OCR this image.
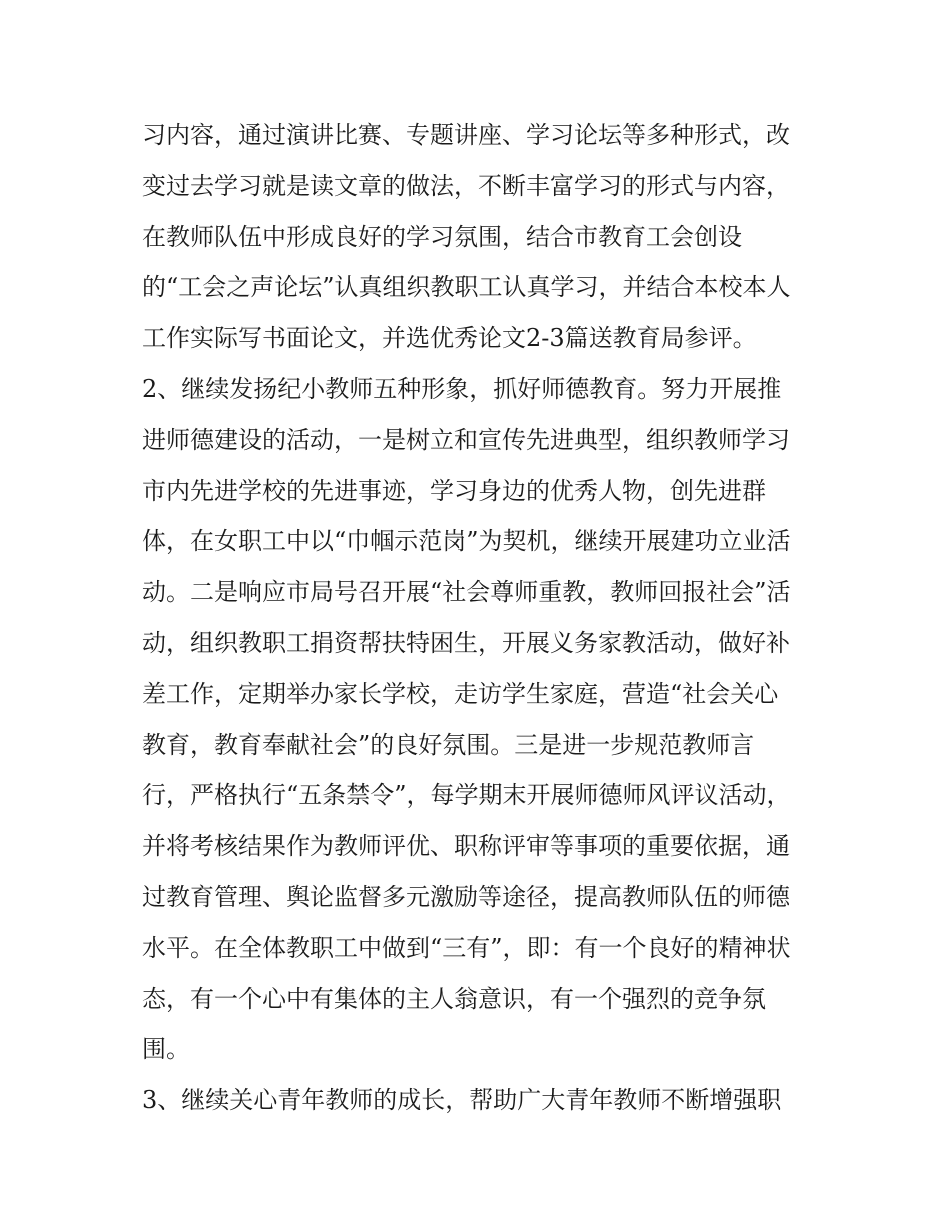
习内容，通过演讲比赛、专题讲座、学习论坛等多种形式，改
变过去学习就是读文章的做法，不断丰富学习的形式与内容，
在教师队伍中形成良好的学习氛围，结合市教育工会创设
的“工会之声论坛”认真组织教职工认真学习，并结合本校本人
工作实际写书面论文，并选优秀论文2-3篇送教育局参评。
2、继续发扬纪小教师五种形象，抓好师德教育。努力开展推
进师德建设的活动，一是树立和宣传先进典型，组织教师学习
市内先进学校的先进事迹，学习身边的优秀人物，创先进群
体，在女职工中以“巾帼示范岗”为契机，继续开展建功立业活
动。二是响应市局号召开展“社会尊师重教，教师回报社会”活
动，组织教职工捐资帮扶特困生，开展义务家教活动，做好补
差工作，定期举办家长学校，走访学生家庭，营造“社会关心
教育，教育奉献社会”的良好氛围。三是进一步规范教师言
行，严格执行“五条禁令”，每学期末开展师德师风评议活动，
并将考核结果作为教师评优、职称评审等事项的重要依据，通
过教育管理、舆论监督多元激励等途径，提高教师队伍的师德
水平。在全体教职工中做到“三有”，即：有一个良好的精神状
态，有一个心中有集体的主人翁意识，有一个强烈的竞争氛
围。
3、继续关心青年教师的成长，帮助广大青年教师不断增强职
